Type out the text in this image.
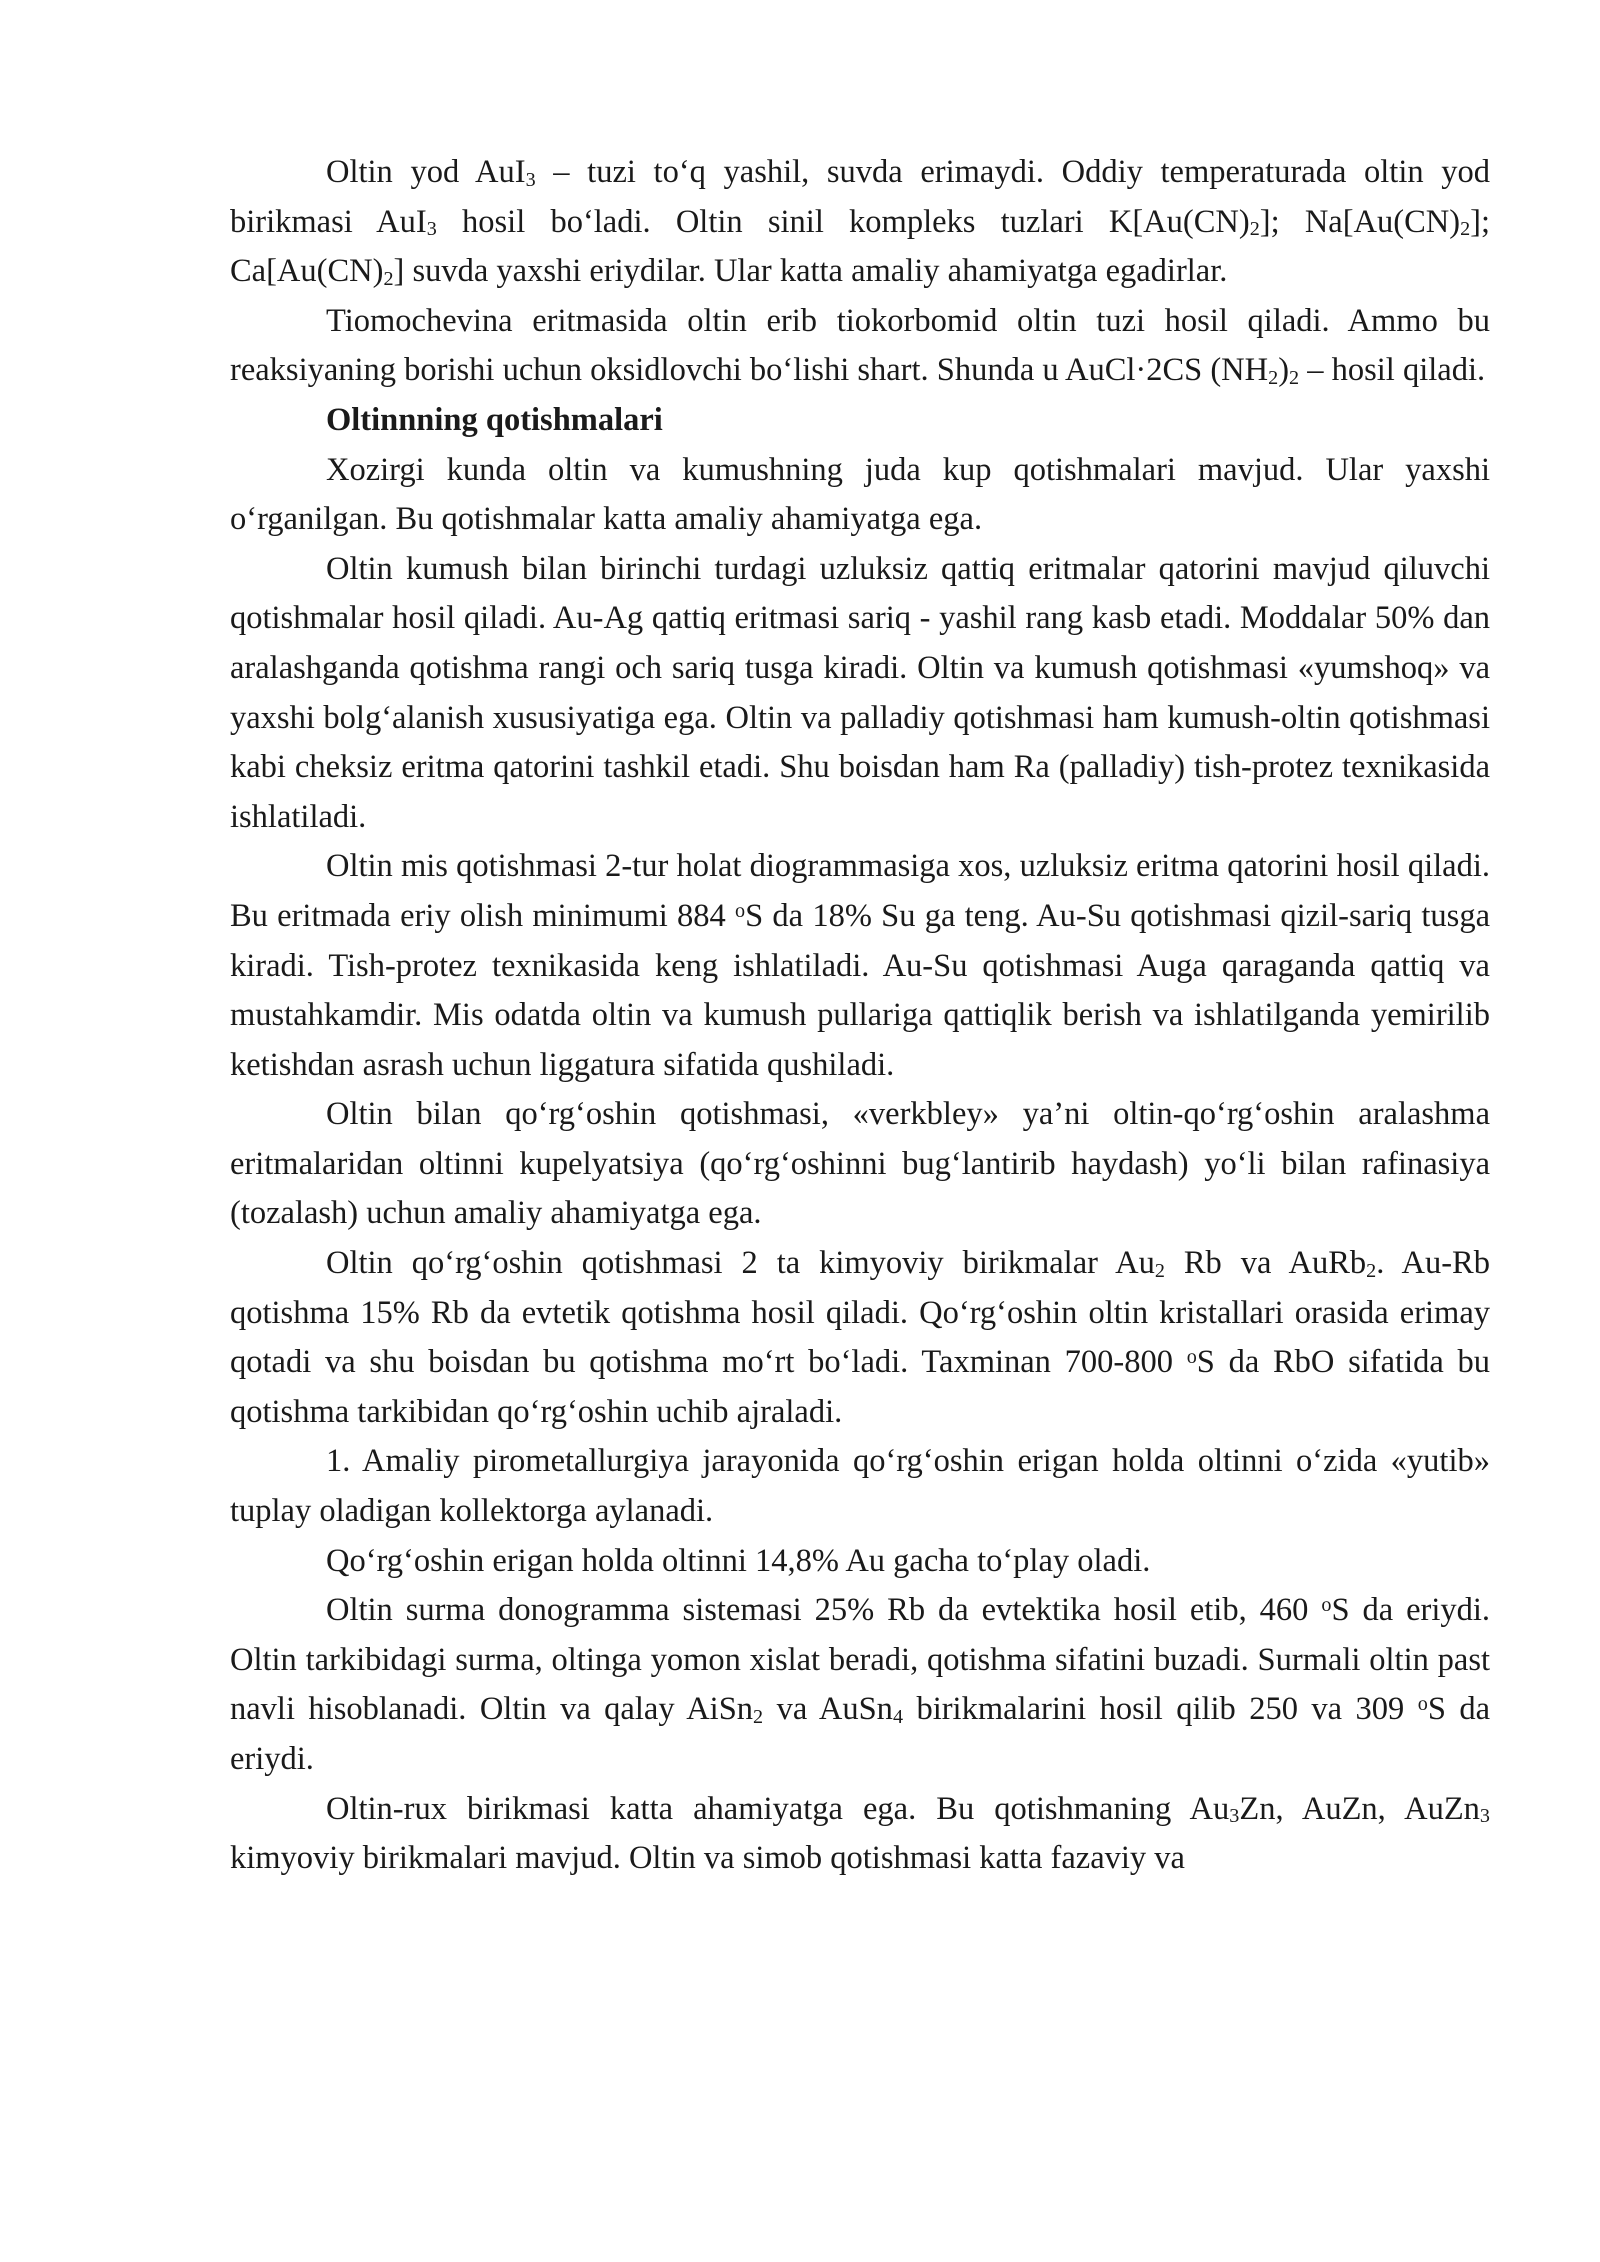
Oltin yod AuI$_3$ – tuzi to‘q yashil, suvda erimaydi. Oddiy temperaturada oltin yod birikmasi AuI$_3$ hosil bo‘ladi. Oltin sinil kompleks tuzlari $K[Au(CN)_2]$; $Na[Au(CN)_2]$; $Ca[Au(CN)_2]$ suvda yaxshi eriydilar. Ular katta amaliy ahamiyatga egadirlar.

Tiomochevina eritmasida oltin erib tiokorbomid oltin tuzi hosil qiladi. Ammo bu reaksiyaning borishi uchun oksidlovchi bo‘lishi shart. Shunda u AuCl·2CS $(NH_2)_2$ – hosil qiladi.

Oltinnning qotishmalari

Xozirgi kunda oltin va kumushning juda kup qotishmalari mavjud. Ular yaxshi o‘rganilgan. Bu qotishmalar katta amaliy ahamiyatga ega.

Oltin kumush bilan birinchi turdagi uzluksiz qattiq eritmalar qatorini mavjud qiluvchi qotishmalar hosil qiladi. Au-Ag qattiq eritmasi sariq - yashil rang kasb etadi. Moddalar 50% dan aralashganda qotishma rangi och sariq tusga kiradi. Oltin va kumush qotishmasi «yumshoq» va yaxshi bolg‘alanish xususiyatiga ega. Oltin va palladiy qotishmasi ham kumush-oltin qotishmasi kabi cheksiz eritma qatorini tashkil etadi. Shu boisdan ham Ra (palladiy) tish-protez texnikasida ishlatiladi.

Oltin mis qotishmasi 2-tur holat diogrammasiga xos, uzluksiz eritma qatorini hosil qiladi. Bu eritmada eriy olish minimumi 884 $^o$S da 18% Su ga teng. Au-Su qotishmasi qizil-sariq tusga kiradi. Tish-protez texnikasida keng ishlatiladi. Au-Su qotishmasi Auga qaraganda qattiq va mustahkamdir. Mis odatda oltin va kumush pullariga qattiqlik berish va ishlatilganda yemirilib ketishdan asrash uchun liggatura sifatida qushiladi.

Oltin bilan qo‘rg‘oshin qotishmasi, «verkbley» ya’ni oltin-qo‘rg‘oshin aralashma eritmalaridan oltinni kupelyatsiya (qo‘rg‘oshinni bug‘lantirib haydash) yo‘li bilan rafinasiya (tozalash) uchun amaliy ahamiyatga ega.

Oltin qo‘rg‘oshin qotishmasi 2 ta kimyoviy birikmalar $Au_2$ Rb va AuRb$_2$. Au-Rb qotishma 15% Rb da evtetik qotishma hosil qiladi. Qo‘rg‘oshin oltin kristallari orasida erimay qotadi va shu boisdan bu qotishma mo‘rt bo‘ladi. Taxminan 700-800 $^o$S da RbO sifatida bu qotishma tarkibidan qo‘rg‘oshin uchib ajraladi.

1. Amaliy pirometallurgiya jarayonida qo‘rg‘oshin erigan holda oltinni o‘zida «yutib» tuplay oladigan kollektorga aylanadi.

Qo‘rg‘oshin erigan holda oltinni 14,8% Au gacha to‘play oladi.

Oltin surma donogramma sistemasi 25% Rb da evtektika hosil etib, 460 $^o$S da eriydi. Oltin tarkibidagi surma, oltinga yomon xislat beradi, qotishma sifatini buzadi. Surmali oltin past navli hisoblanadi. Oltin va qalay AiSn$_2$ va AuSn$_4$ birikmalarini hosil qilib 250 va 309 $^o$S da eriydi.

Oltin-rux birikmasi katta ahamiyatga ega. Bu qotishmaning $Au_3Zn$, AuZn, AuZn$_3$ kimyoviy birikmalari mavjud. Oltin va simob qotishmasi katta fazaviy va
